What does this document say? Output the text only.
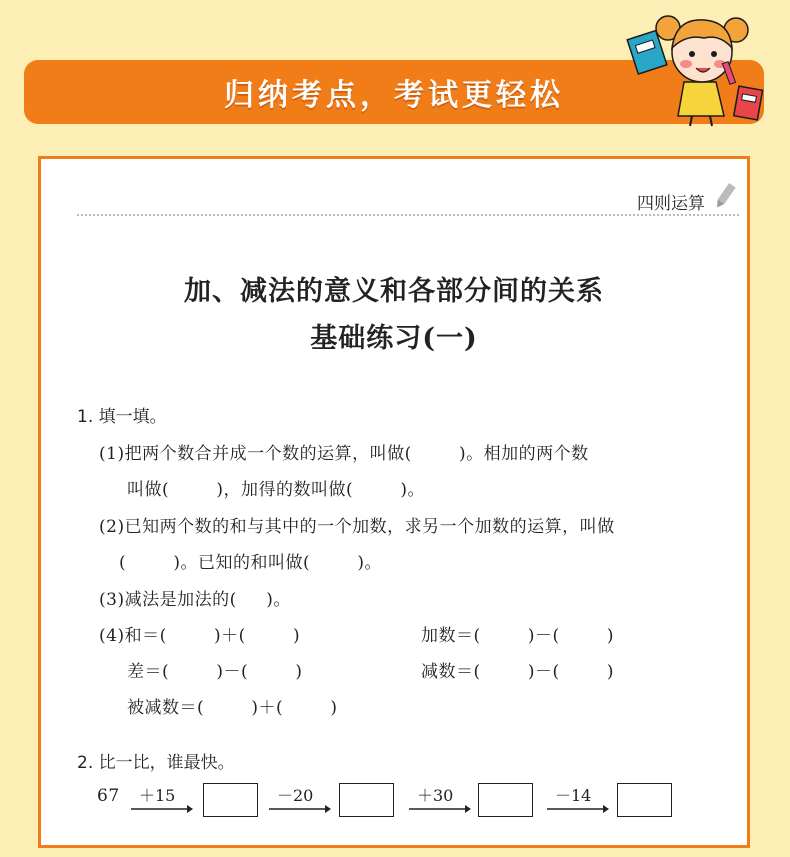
归纳考点，考试更轻松
四则运算
加、减法的意义和各部分间的关系
基础练习(一)
1. 填一填。
(1)把两个数合并成一个数的运算，叫做(        )。相加的两个数
叫做(        )，加得的数叫做(        )。
(2)已知两个数的和与其中的一个加数，求另一个加数的运算，叫做
(        )。已知的和叫做(        )。
(3)减法是加法的(     )。
(4)和＝(        )＋(        )	加数＝(        )－(        )
差＝(        )－(        )	减数＝(        )－(        )
被减数＝(        )＋(        )
2. 比一比，谁最快。
67 ＋15	－20	＋30	－14
